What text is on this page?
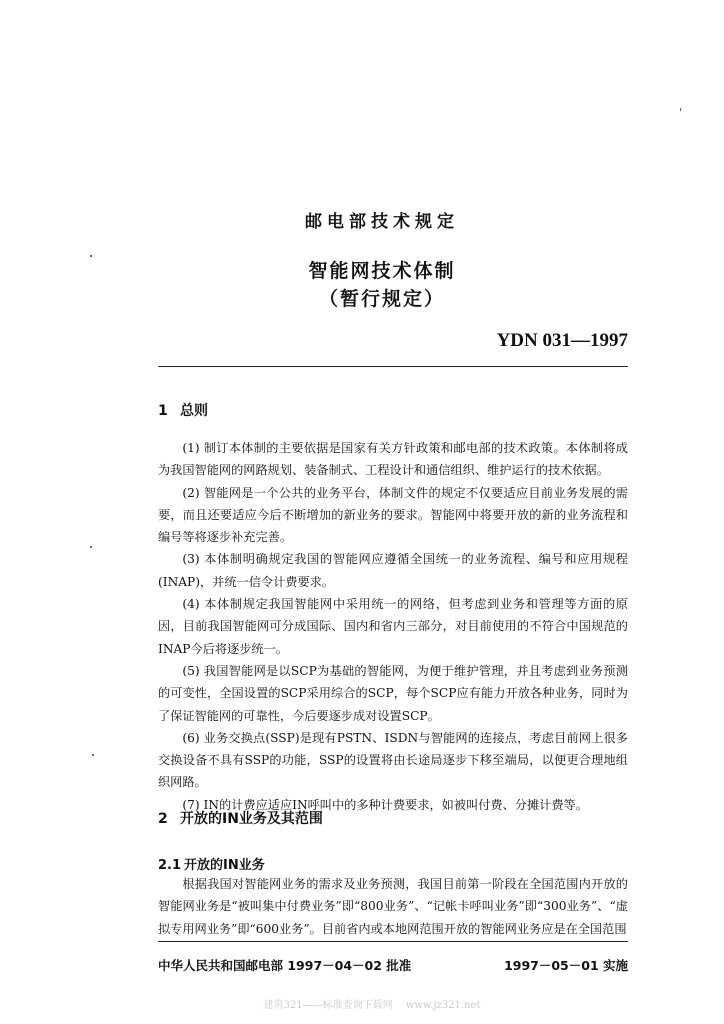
邮电部技术规定
智能网技术体制
（暂行规定）
YDN 031—1997
1 总则

(1) 制订本体制的主要依据是国家有关方针政策和邮电部的技术政策。本体制将成为我国智能网的网路规划、装备制式、工程设计和通信组织、维护运行的技术依据。

(2) 智能网是一个公共的业务平台，体制文件的规定不仅要适应目前业务发展的需要，而且还要适应今后不断增加的新业务的要求。智能网中将要开放的新的业务流程和编号等将逐步补充完善。

(3) 本体制明确规定我国的智能网应遵循全国统一的业务流程、编号和应用规程(INAP)，并统一信令计费要求。

(4) 本体制规定我国智能网中采用统一的网络，但考虑到业务和管理等方面的原因，目前我国智能网可分成国际、国内和省内三部分，对目前使用的不符合中国规范的INAP今后将逐步统一。

(5) 我国智能网是以SCP为基础的智能网，为便于维护管理，并且考虑到业务预测的可变性，全国设置的SCP采用综合的SCP，每个SCP应有能力开放各种业务，同时为了保证智能网的可靠性，今后要逐步成对设置SCP。

(6) 业务交换点(SSP)是现有PSTN、ISDN与智能网的连接点，考虑目前网上很多交换设备不具有SSP的功能，SSP的设置将由长途局逐步下移至端局，以便更合理地组织网路。

(7) IN的计费应适应IN呼叫中的多种计费要求，如被叫付费、分摊计费等。

2 开放的IN业务及其范围
2.1 开放的IN业务

根据我国对智能网业务的需求及业务预测，我国目前第一阶段在全国范围内开放的智能网业务是“被叫集中付费业务”即“800业务”、“记帐卡呼叫业务”即“300业务”、“虚拟专用网业务”即“600业务”。目前省内或本地网范围开放的智能网业务应是在全国范围

中华人民共和国邮电部 1997－04－02 批准	1997－05－01 实施
建筑321——标准查询下载网　 www.jz321.net
